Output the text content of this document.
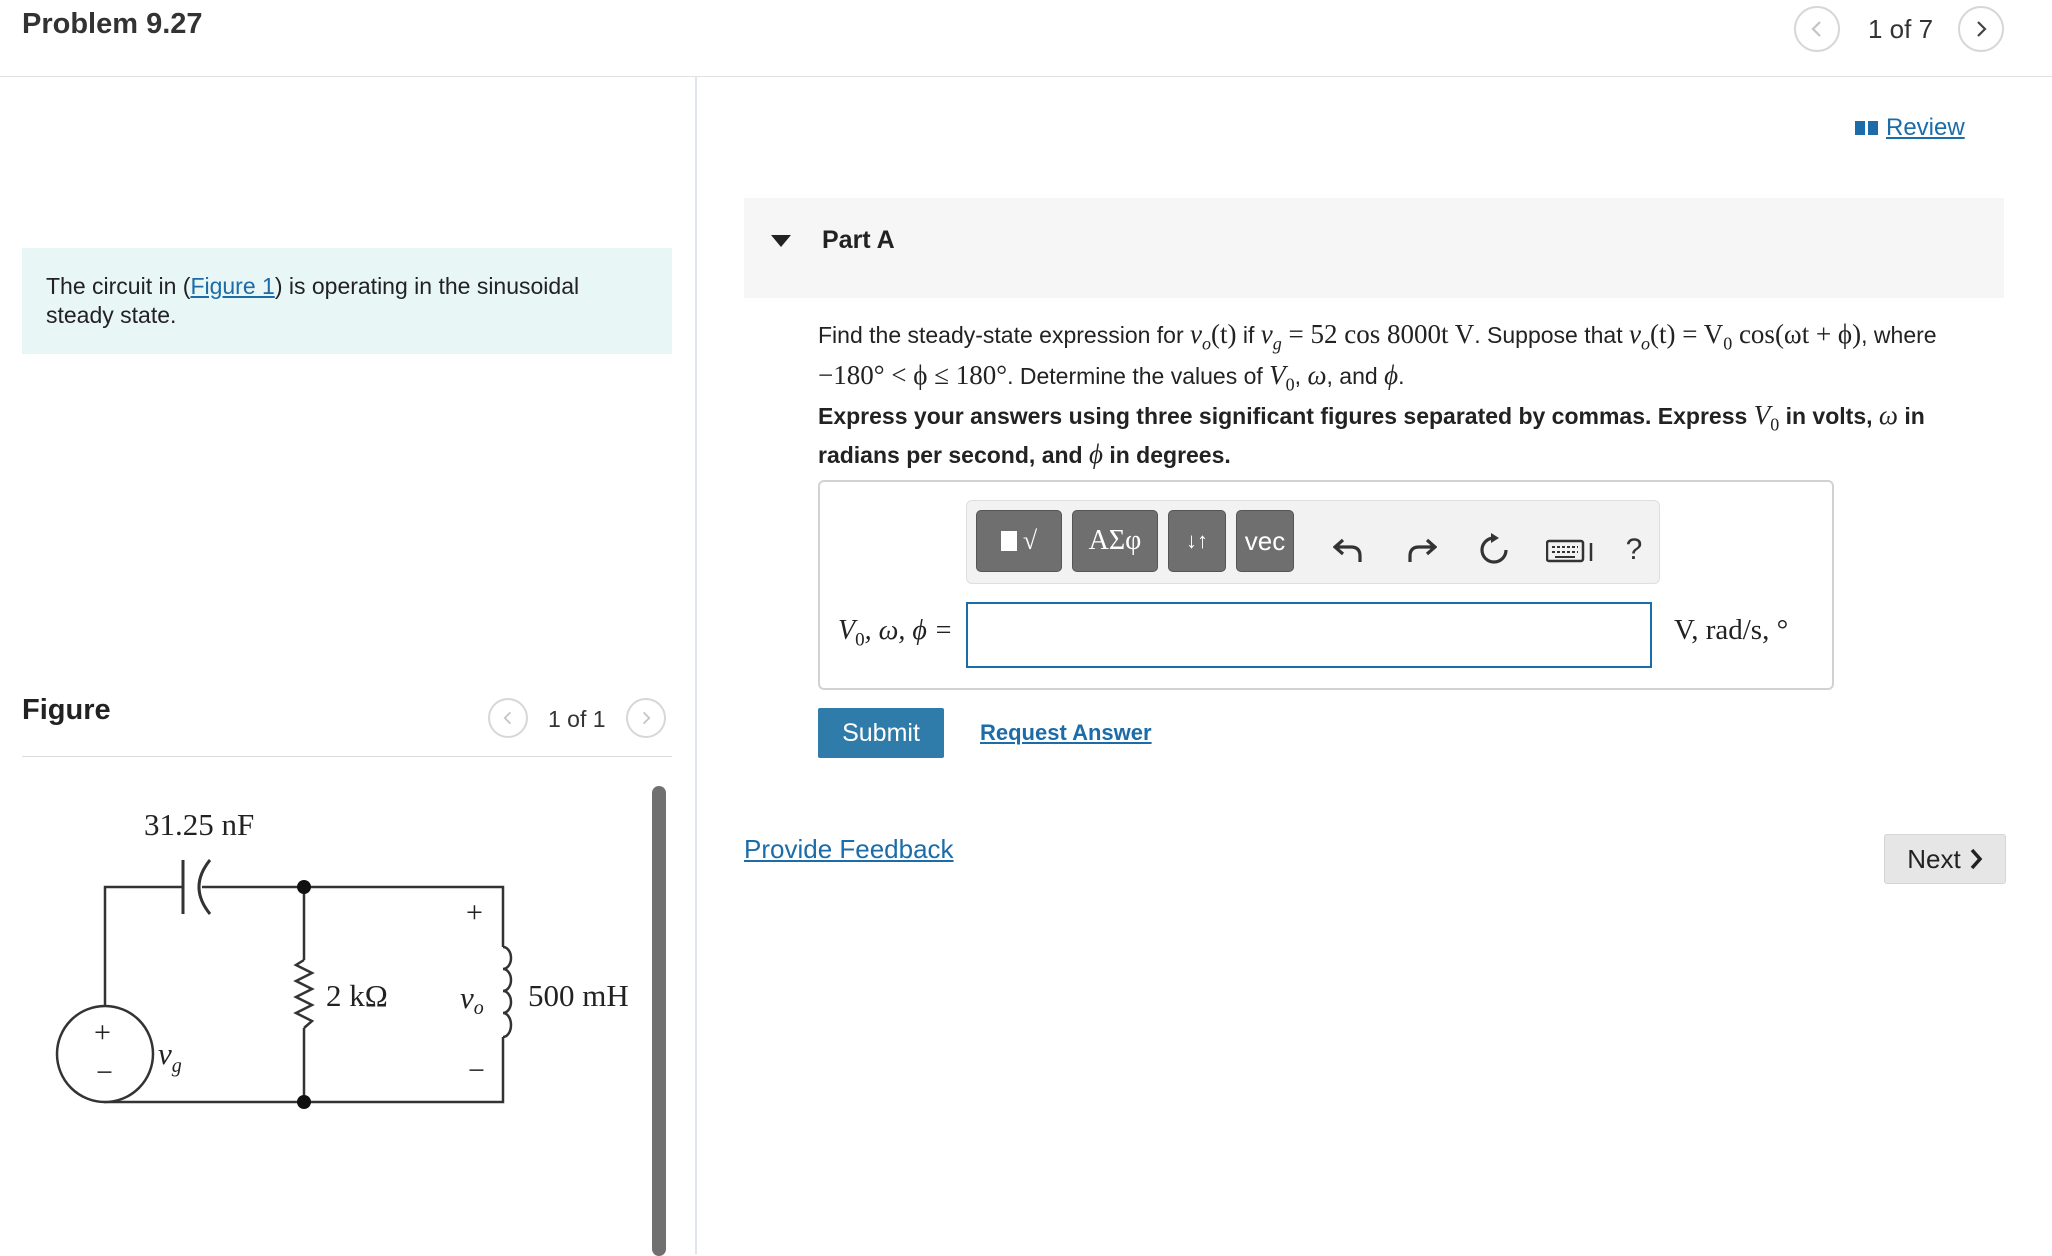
Problem 9.27	1 of 7
The circuit in (Figure 1) is operating in the sinusoidal steady state.
Figure	1 of 1
31.25 nF
+
−
$v_g$
2 kΩ
+
−
vo 500 mH
Review
Part A
Find the steady-state expression for $v_o(t)$ if $v_g = 52$ cos 8000t V. Suppose that $v_o(t) = V_0$ cos(ωt + ϕ), where −180° < ϕ ≤ 180°. Determine the values of $V_0$, ω, and ϕ.
Express your answers using three significant figures separated by commas. Express $V_0$ in volts, ω in radians per second, and ϕ in degrees.
√ ΑΣφ ↓↑ vec	?
$V_0$, ω, ϕ =	V, rad/s, °
Submit	Request Answer
Provide Feedback	Next
